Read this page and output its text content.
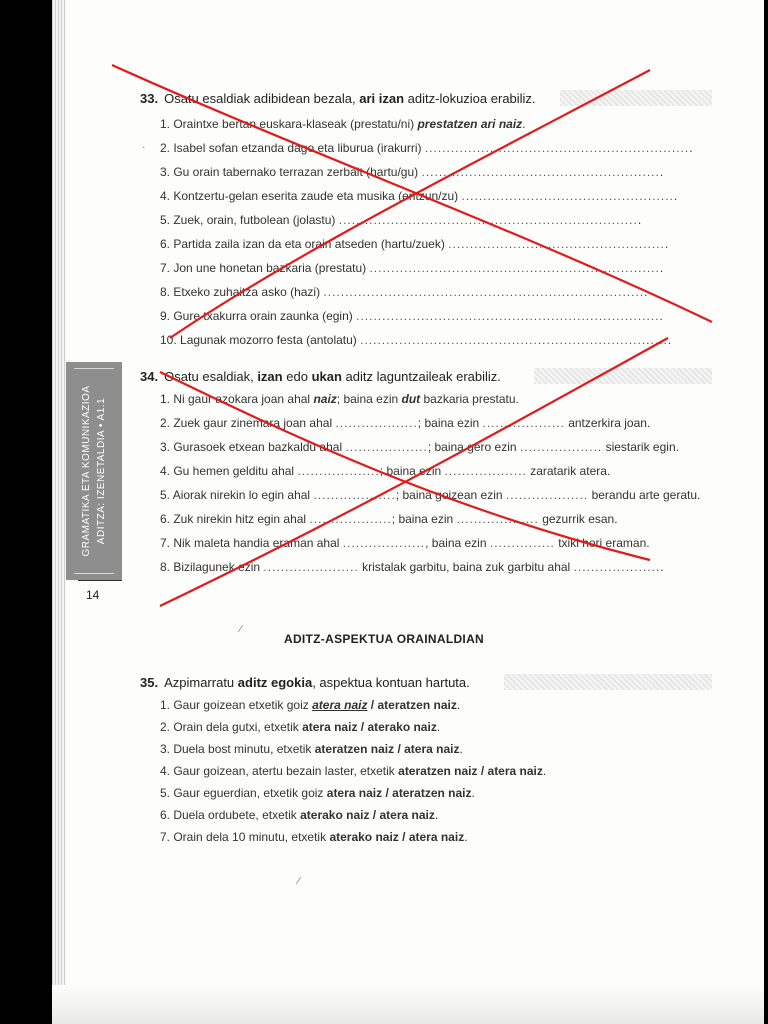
GRAMATIKA ETA KOMUNIKAZIOA ADITZA: IZENETALDIA • A1.1
14
33. Osatu esaldiak adibidean bezala,
ari izan
aditz-lokuzioa erabiliz.
1. Oraintxe bertan euskara-klaseak (prestatu/ni) prestatzen ari naiz.
2. Isabel sofan etzanda dago eta liburua (irakurri) ..............................................................
3. Gu orain tabernako terrazan zerbait (hartu/gu) ........................................................
4. Kontzertu-gelan eserita zaude eta musika (entzun/zu) ..................................................
5. Zuek, orain, futbolean (jolastu) ......................................................................
6. Partida zaila izan da eta orain atseden (hartu/zuek) ...................................................
7. Jon une honetan bazkaria (prestatu) ....................................................................
8. Etxeko zuhaitza asko (hazi) ...........................................................................
9. Gure txakurra orain zaunka (egin) .......................................................................
10. Lagunak mozorro festa (antolatu) ........................................................................
34. Osatu esaldiak,
izan
edo
ukan
aditz laguntzaileak erabiliz.
1. Ni gaur azokara joan ahal naiz; baina ezin dut bazkaria prestatu.
2. Zuek gaur zinemara joan ahal ...................; baina ezin ................... antzerkira joan.
3. Gurasoek etxean bazkaldu ahal ...................; baina gero ezin ................... siestarik egin.
4. Gu hemen gelditu ahal ...................; baina ezin ................... zaratarik atera.
5. Aiorak nirekin lo egin ahal ...................; baina goizean ezin ................... berandu arte geratu.
6. Zuk nirekin hitz egin ahal ...................; baina ezin ................... gezurrik esan.
7. Nik maleta handia eraman ahal ..................., baina ezin ............... txiki hori eraman.
8. Bizilagunek ezin ...................... kristalak garbitu, baina zuk garbitu ahal .....................
ADITZ-ASPEKTUA ORAINALDIAN
35. Azpimarratu
aditz egokia , aspektua kontuan hartuta.
1. Gaur goizean etxetik goiz atera naiz / ateratzen naiz.
2. Orain dela gutxi, etxetik atera naiz / aterako naiz.
3. Duela bost minutu, etxetik ateratzen naiz / atera naiz.
4. Gaur goizean, atertu bezain laster, etxetik ateratzen naiz / atera naiz.
5. Gaur eguerdian, etxetik goiz atera naiz / ateratzen naiz.
6. Duela ordubete, etxetik aterako naiz / atera naiz.
7. Orain dela 10 minutu, etxetik aterako naiz / atera naiz.
⁄
⁄
·
